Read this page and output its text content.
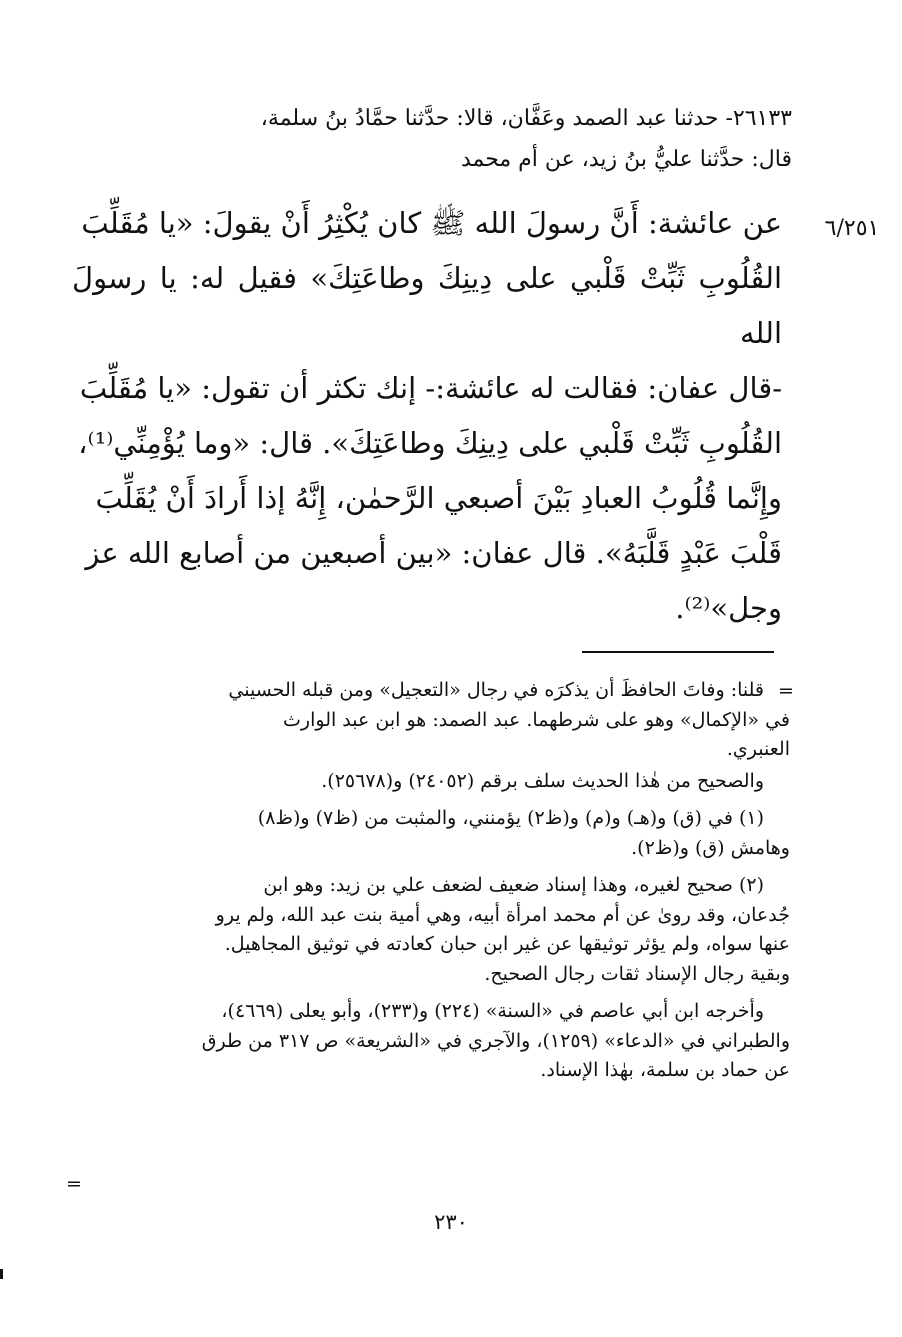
٢٦١٣٣- حدثنا عبد الصمد وعَفَّان، قالا: حدَّثنا حمَّادُ بنُ سلمة،
قال: حدَّثنا عليُّ بنُ زيد، عن أم محمد
٦/٢٥١
عن عائشة: أَنَّ رسولَ الله ﷺ كان يُكْثِرُ أَنْ يقولَ: «يا مُقَلِّبَ
القُلُوبِ ثَبِّتْ قَلْبي على دِينِكَ وطاعَتِكَ» فقيل له: يا رسولَ الله
-قال عفان: فقالت له عائشة:- إنك تكثر أن تقول: «يا مُقَلِّبَ
القُلُوبِ ثَبِّتْ قَلْبي على دِينِكَ وطاعَتِكَ». قال: «وما يُؤْمِنِّي⁽¹⁾،
وإِنَّما قُلُوبُ العبادِ بَيْنَ أصبعي الرَّحمٰن، إِنَّهُ إذا أَرادَ أَنْ يُقَلِّبَ
قَلْبَ عَبْدٍ قَلَّبَهُ». قال عفان: «بين أصبعين من أصابع الله عز
وجل»⁽²⁾.
=

قلنا: وفاتَ الحافظَ أن يذكرَه في رجال «التعجيل» ومن قبله الحسيني
في «الإكمال» وهو على شرطهما. عبد الصمد: هو ابن عبد الوارث
العنبري.

والصحيح من هٰذا الحديث سلف برقم (٢٤٠٥٢) و(٢٥٦٧٨).

(١) في (ق) و(هـ) و(م) و(ظ٢) يؤمنني، والمثبت من (ظ٧) و(ظ٨)
وهامش (ق) و(ظ٢).

(٢) صحيح لغيره، وهذا إسناد ضعيف لضعف علي بن زيد: وهو ابن
جُدعان، وقد روىٰ عن أم محمد امرأة أبيه، وهي أمية بنت عبد الله، ولم يرو
عنها سواه، ولم يؤثر توثيقها عن غير ابن حبان كعادته في توثيق المجاهيل.
وبقية رجال الإسناد ثقات رجال الصحيح.

وأخرجه ابن أبي عاصم في «السنة» (٢٢٤) و(٢٣٣)، وأبو يعلى (٤٦٦٩)،
والطبراني في «الدعاء» (١٢٥٩)، والآجري في «الشريعة» ص ٣١٧ من طرق
عن حماد بن سلمة، بهٰذا الإسناد.

=
٢٣٠
